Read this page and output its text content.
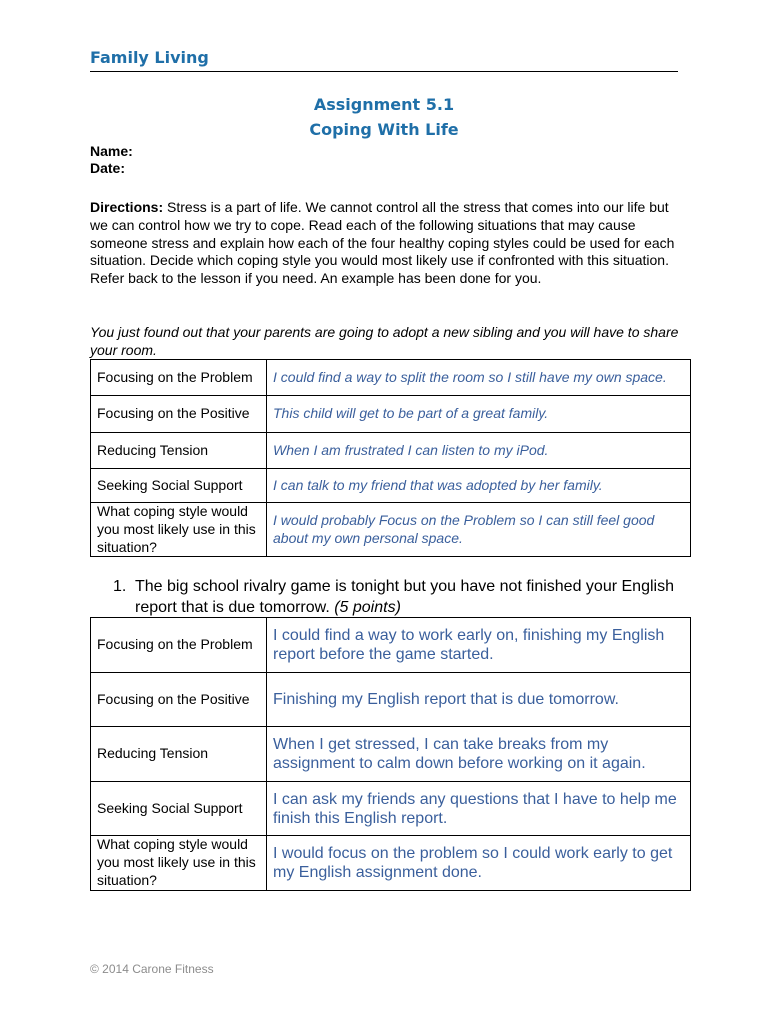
Family Living
Assignment 5.1
Coping With Life
Name:
Date:
Directions: Stress is a part of life. We cannot control all the stress that comes into our life but we can control how we try to cope. Read each of the following situations that may cause someone stress and explain how each of the four healthy coping styles could be used for each situation. Decide which coping style you would most likely use if confronted with this situation. Refer back to the lesson if you need. An example has been done for you.
You just found out that your parents are going to adopt a new sibling and you will have to share your room.
Focusing on the Problem	I could find a way to split the room so I still have my own space.
Focusing on the Positive	This child will get to be part of a great family.
Reducing Tension	When I am frustrated I can listen to my iPod.
Seeking Social Support	I can talk to my friend that was adopted by her family.
What coping style would you most likely use in this situation?	I would probably Focus on the Problem so I can still feel good about my own personal space.
1. The big school rivalry game is tonight but you have not finished your English report that is due tomorrow. (5 points)
Focusing on the Problem	I could find a way to work early on, finishing my English report before the game started.
Focusing on the Positive	Finishing my English report that is due tomorrow.
Reducing Tension	When I get stressed, I can take breaks from my assignment to calm down before working on it again.
Seeking Social Support	I can ask my friends any questions that I have to help me finish this English report.
What coping style would you most likely use in this situation?	I would focus on the problem so I could work early to get my English assignment done.
© 2014 Carone Fitness
